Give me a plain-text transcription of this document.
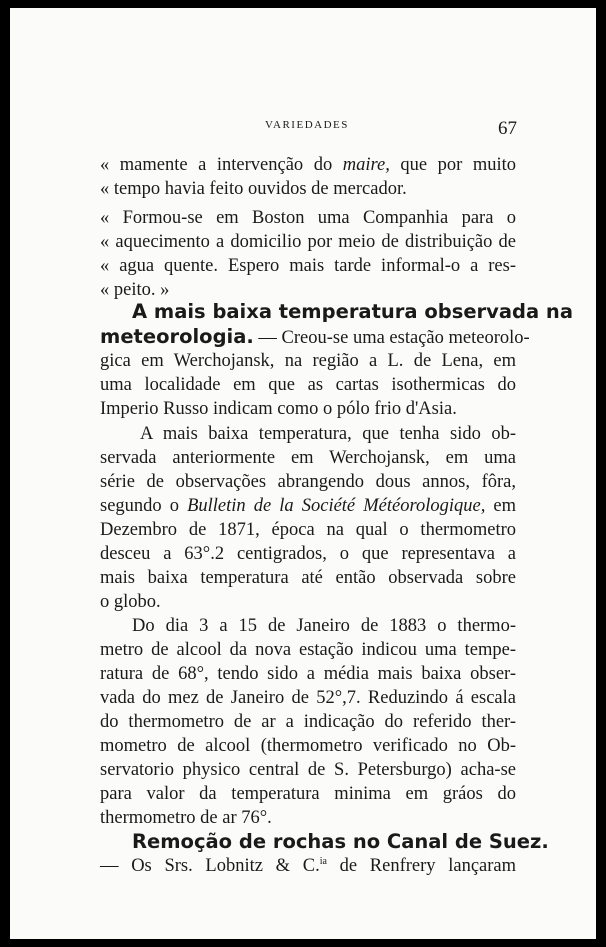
VARIEDADES	67

« mamente a intervenção do maire, que por muito

« tempo havia feito ouvidos de mercador.

« Formou-se em Boston uma Companhia para o

« aquecimento a domicilio por meio de distribuição de

« agua quente. Espero mais tarde informal-o a res-

« peito. »

A mais baixa temperatura observada na

meteorologia. — Creou-se uma estação meteorolo-

gica em Werchojansk, na região a L. de Lena, em

uma localidade em que as cartas isothermicas do

Imperio Russo indicam como o pólo frio d'Asia.

A mais baixa temperatura, que tenha sido ob-

servada anteriormente em Werchojansk, em uma

série de observações abrangendo dous annos, fôra,

segundo o Bulletin de la Société Météorologique, em

Dezembro de 1871, época na qual o thermometro

desceu a 63°.2 centigrados, o que representava a

mais baixa temperatura até então observada sobre

o globo.

Do dia 3 a 15 de Janeiro de 1883 o thermo-

metro de alcool da nova estação indicou uma tempe-

ratura de 68°, tendo sido a média mais baixa obser-

vada do mez de Janeiro de 52°,7. Reduzindo á escala

do thermometro de ar a indicação do referido ther-

mometro de alcool (thermometro verificado no Ob-

servatorio physico central de S. Petersburgo) acha-se

para valor da temperatura minima em gráos do

thermometro de ar 76°.

Remoção de rochas no Canal de Suez.

— Os Srs. Lobnitz & C.$^{ia}$ de Renfrery lançaram
